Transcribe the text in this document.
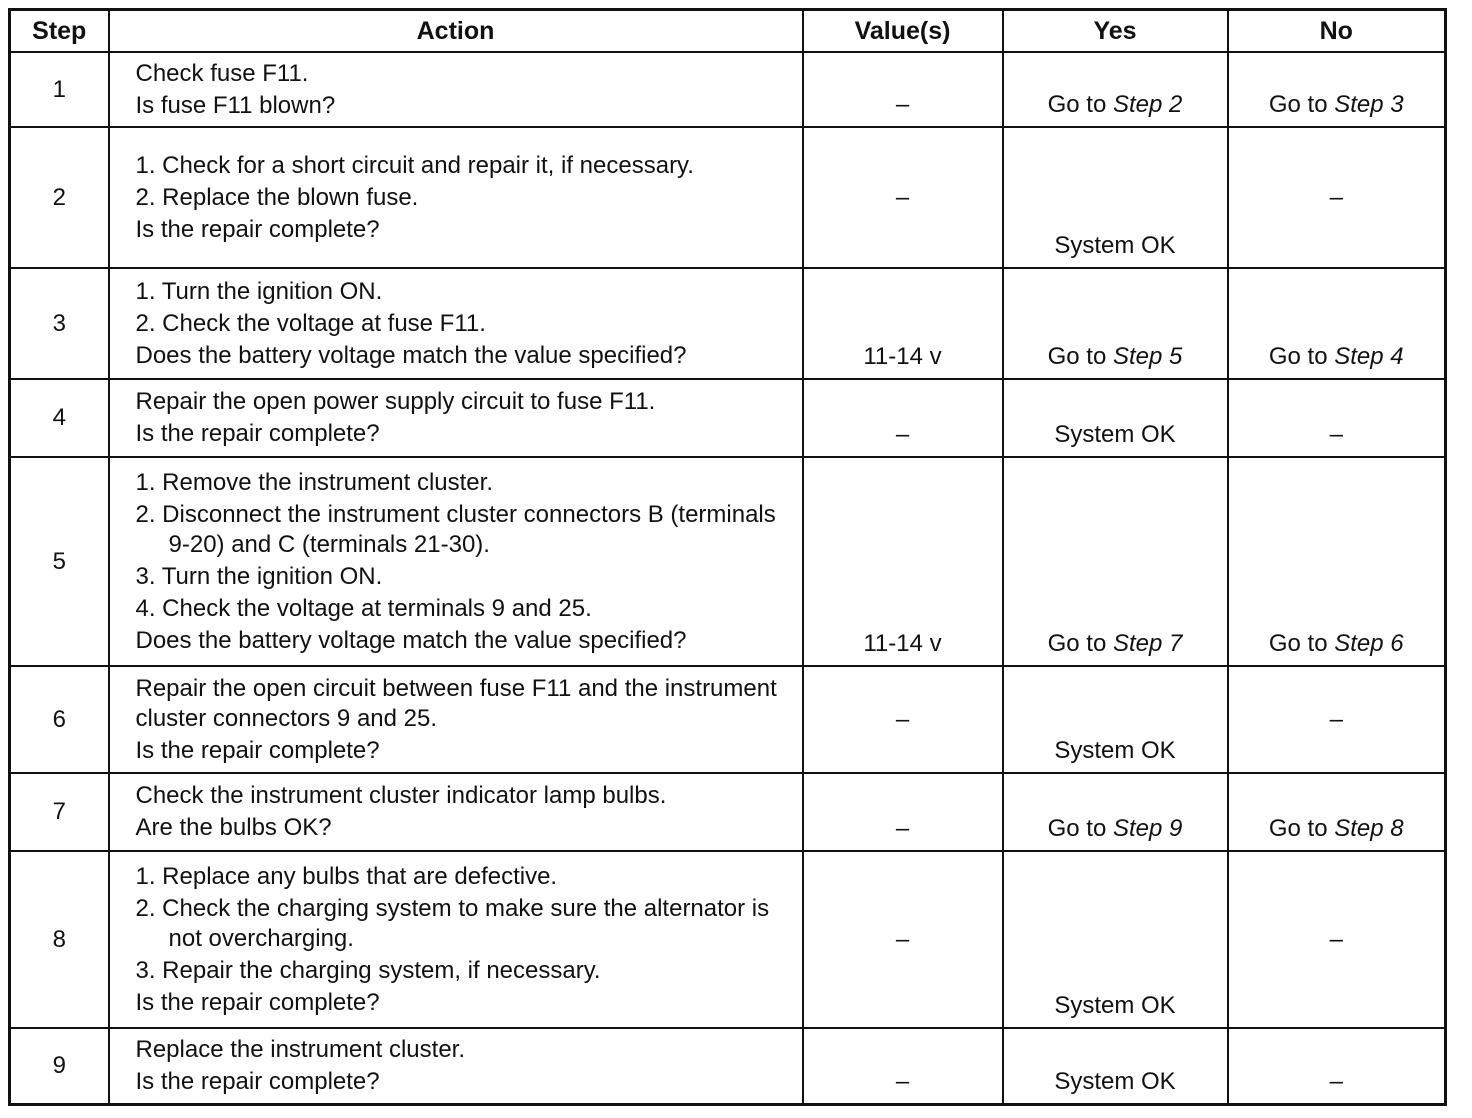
Step	Action	Value(s)	Yes	No
1	Check fuse F11.
Is fuse F11 blown?	–	Go to Step 2	Go to Step 3
2	1. Check for a short circuit and repair it, if necessary.
2. Replace the blown fuse.
Is the repair complete?	–	System OK	–
3	1. Turn the ignition ON.
2. Check the voltage at fuse F11.
Does the battery voltage match the value specified?	11-14 v	Go to Step 5	Go to Step 4
4	Repair the open power supply circuit to fuse F11.
Is the repair complete?	–	System OK	–
5	1. Remove the instrument cluster.
2. Disconnect the instrument cluster connectors B (terminals 9-20) and C (terminals 21-30).
3. Turn the ignition ON.
4. Check the voltage at terminals 9 and 25.
Does the battery voltage match the value specified?	11-14 v	Go to Step 7	Go to Step 6
6	Repair the open circuit between fuse F11 and the instrument cluster connectors 9 and 25.
Is the repair complete?	–	System OK	–
7	Check the instrument cluster indicator lamp bulbs.
Are the bulbs OK?	–	Go to Step 9	Go to Step 8
8	1. Replace any bulbs that are defective.
2. Check the charging system to make sure the alternator is not overcharging.
3. Repair the charging system, if necessary.
Is the repair complete?	–	System OK	–
9	Replace the instrument cluster.
Is the repair complete?	–	System OK	–
